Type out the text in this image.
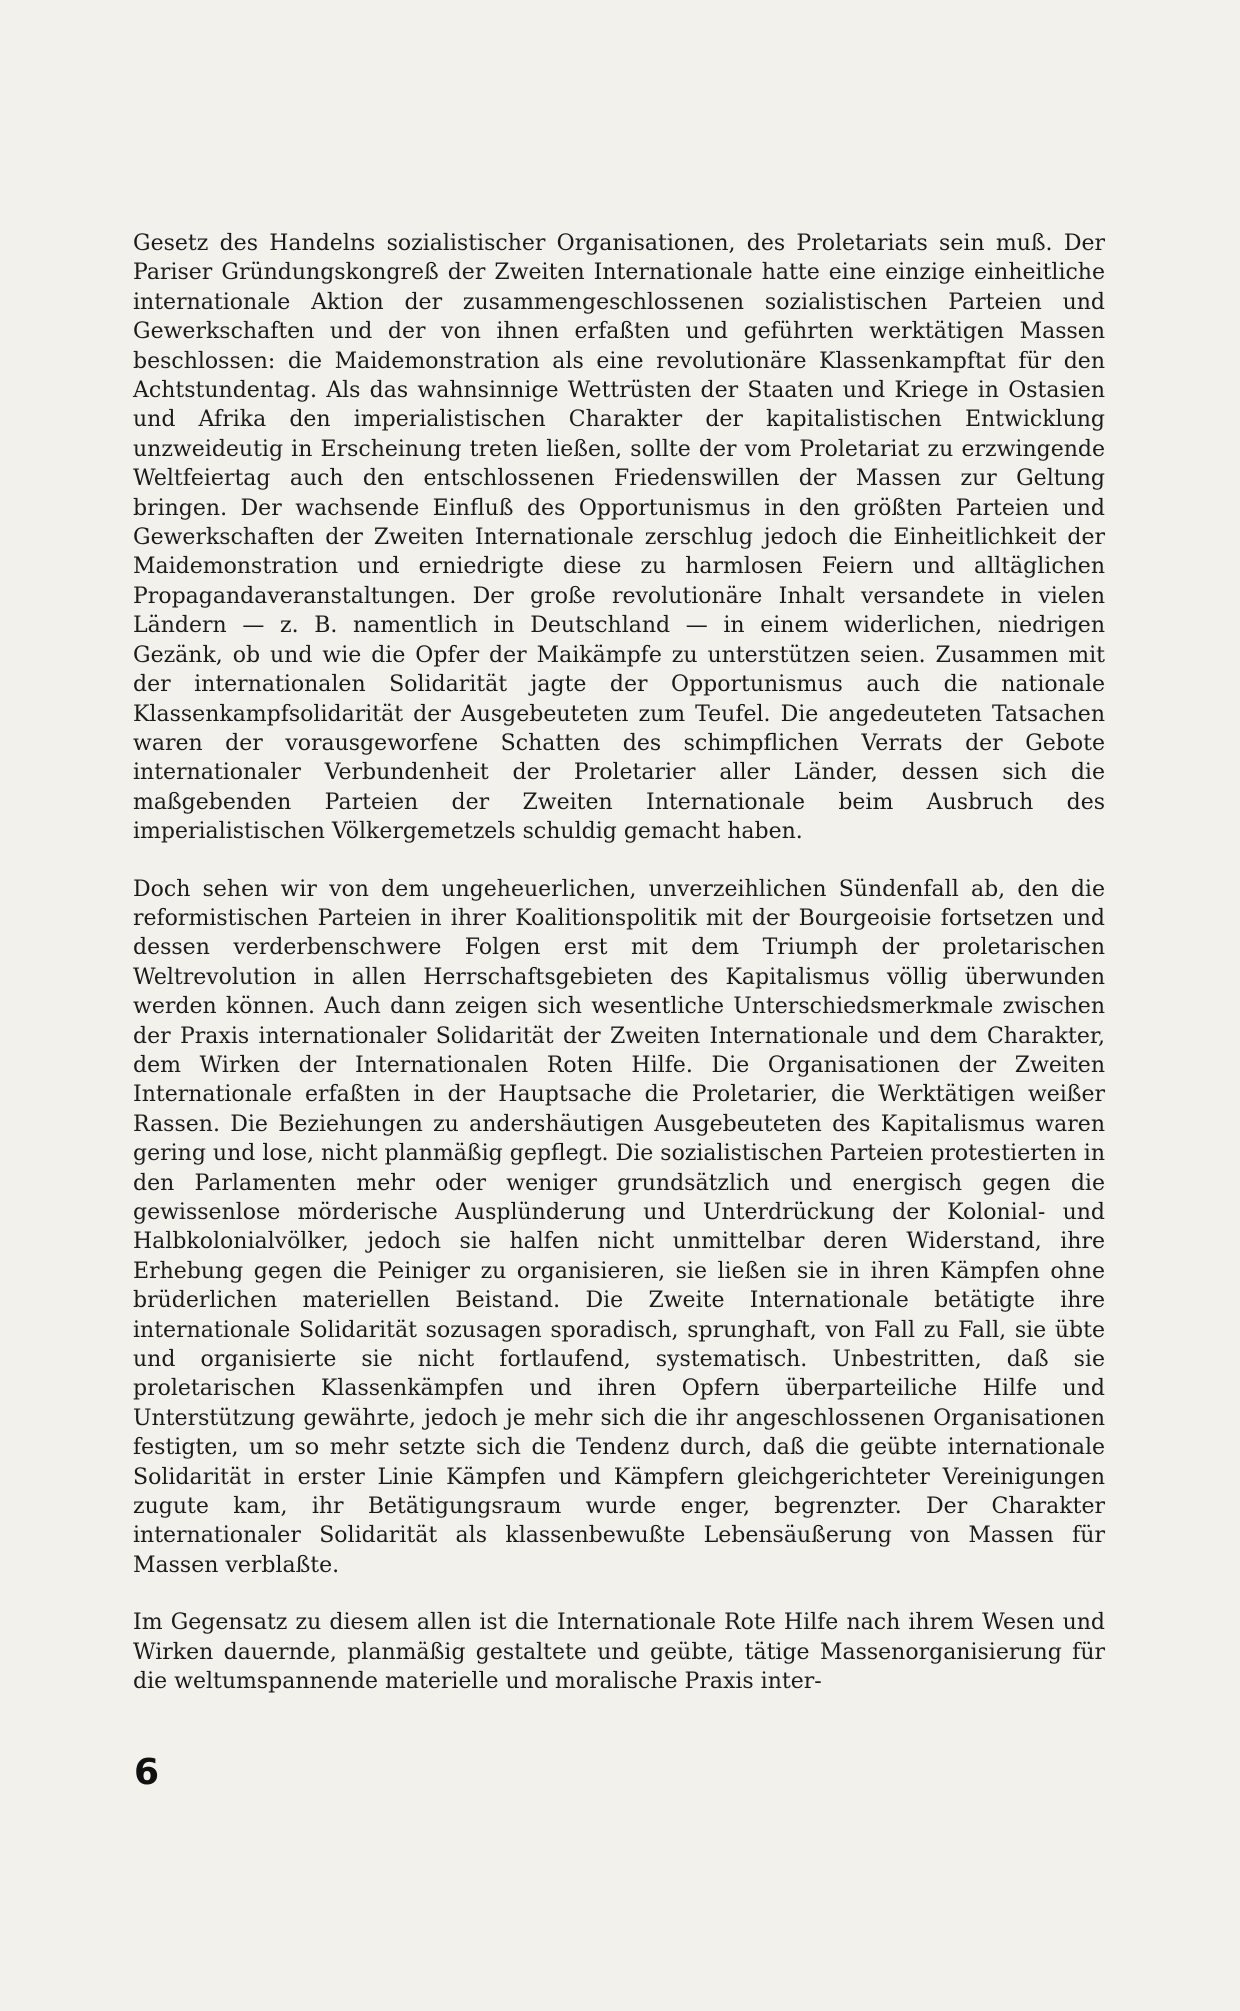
Gesetz des Handelns sozialistischer Organisationen, des Proletariats sein muß. Der Pariser Gründungskongreß der Zweiten Internationale hatte eine einzige einheitliche internationale Aktion der zusammengeschlossenen sozialistischen Parteien und Gewerkschaften und der von ihnen erfaßten und geführten werktätigen Massen beschlossen: die Maidemonstration als eine revolutionäre Klassenkampftat für den Achtstundentag. Als das wahnsinnige Wettrüsten der Staaten und Kriege in Ostasien und Afrika den imperialistischen Charakter der kapitalistischen Entwicklung unzweideutig in Erscheinung treten ließen, sollte der vom Proletariat zu erzwingende Weltfeiertag auch den entschlossenen Friedenswillen der Massen zur Geltung bringen. Der wachsende Einfluß des Opportunismus in den größten Parteien und Gewerkschaften der Zweiten Internationale zerschlug jedoch die Einheitlichkeit der Maidemonstration und erniedrigte diese zu harmlosen Feiern und alltäglichen Propagandaveranstaltungen. Der große revolutionäre Inhalt versandete in vielen Ländern — z. B. namentlich in Deutschland — in einem widerlichen, niedrigen Gezänk, ob und wie die Opfer der Maikämpfe zu unterstützen seien. Zusammen mit der internationalen Solidarität jagte der Opportunismus auch die nationale Klassenkampfsolidarität der Ausgebeuteten zum Teufel. Die angedeuteten Tatsachen waren der vorausgeworfene Schatten des schimpflichen Verrats der Gebote internationaler Verbundenheit der Proletarier aller Länder, dessen sich die maßgebenden Parteien der Zweiten Internationale beim Ausbruch des imperialistischen Völkergemetzels schuldig gemacht haben.

Doch sehen wir von dem ungeheuerlichen, unverzeihlichen Sündenfall ab, den die reformistischen Parteien in ihrer Koalitionspolitik mit der Bourgeoisie fortsetzen und dessen verderbenschwere Folgen erst mit dem Triumph der proletarischen Weltrevolution in allen Herrschaftsgebieten des Kapitalismus völlig überwunden werden können. Auch dann zeigen sich wesentliche Unterschiedsmerkmale zwischen der Praxis internationaler Solidarität der Zweiten Internationale und dem Charakter, dem Wirken der Internationalen Roten Hilfe. Die Organisationen der Zweiten Internationale erfaßten in der Hauptsache die Proletarier, die Werktätigen weißer Rassen. Die Beziehungen zu andershäutigen Ausgebeuteten des Kapitalismus waren gering und lose, nicht planmäßig gepflegt. Die sozialistischen Parteien protestierten in den Parlamenten mehr oder weniger grundsätzlich und energisch gegen die gewissenlose mörderische Ausplünderung und Unterdrückung der Kolonial- und Halbkolonialvölker, jedoch sie halfen nicht unmittelbar deren Widerstand, ihre Erhebung gegen die Peiniger zu organisieren, sie ließen sie in ihren Kämpfen ohne brüderlichen materiellen Beistand. Die Zweite Internationale betätigte ihre internationale Solidarität sozusagen sporadisch, sprunghaft, von Fall zu Fall, sie übte und organisierte sie nicht fortlaufend, systematisch. Unbestritten, daß sie proletarischen Klassenkämpfen und ihren Opfern überparteiliche Hilfe und Unterstützung gewährte, jedoch je mehr sich die ihr angeschlossenen Organisationen festigten, um so mehr setzte sich die Tendenz durch, daß die geübte internationale Solidarität in erster Linie Kämpfen und Kämpfern gleichgerichteter Vereinigungen zugute kam, ihr Betätigungsraum wurde enger, begrenzter. Der Charakter internationaler Solidarität als klassenbewußte Lebensäußerung von Massen für Massen verblaßte.

Im Gegensatz zu diesem allen ist die Internationale Rote Hilfe nach ihrem Wesen und Wirken dauernde, planmäßig gestaltete und geübte, tätige Massenorganisierung für die weltumspannende materielle und moralische Praxis inter-

6
